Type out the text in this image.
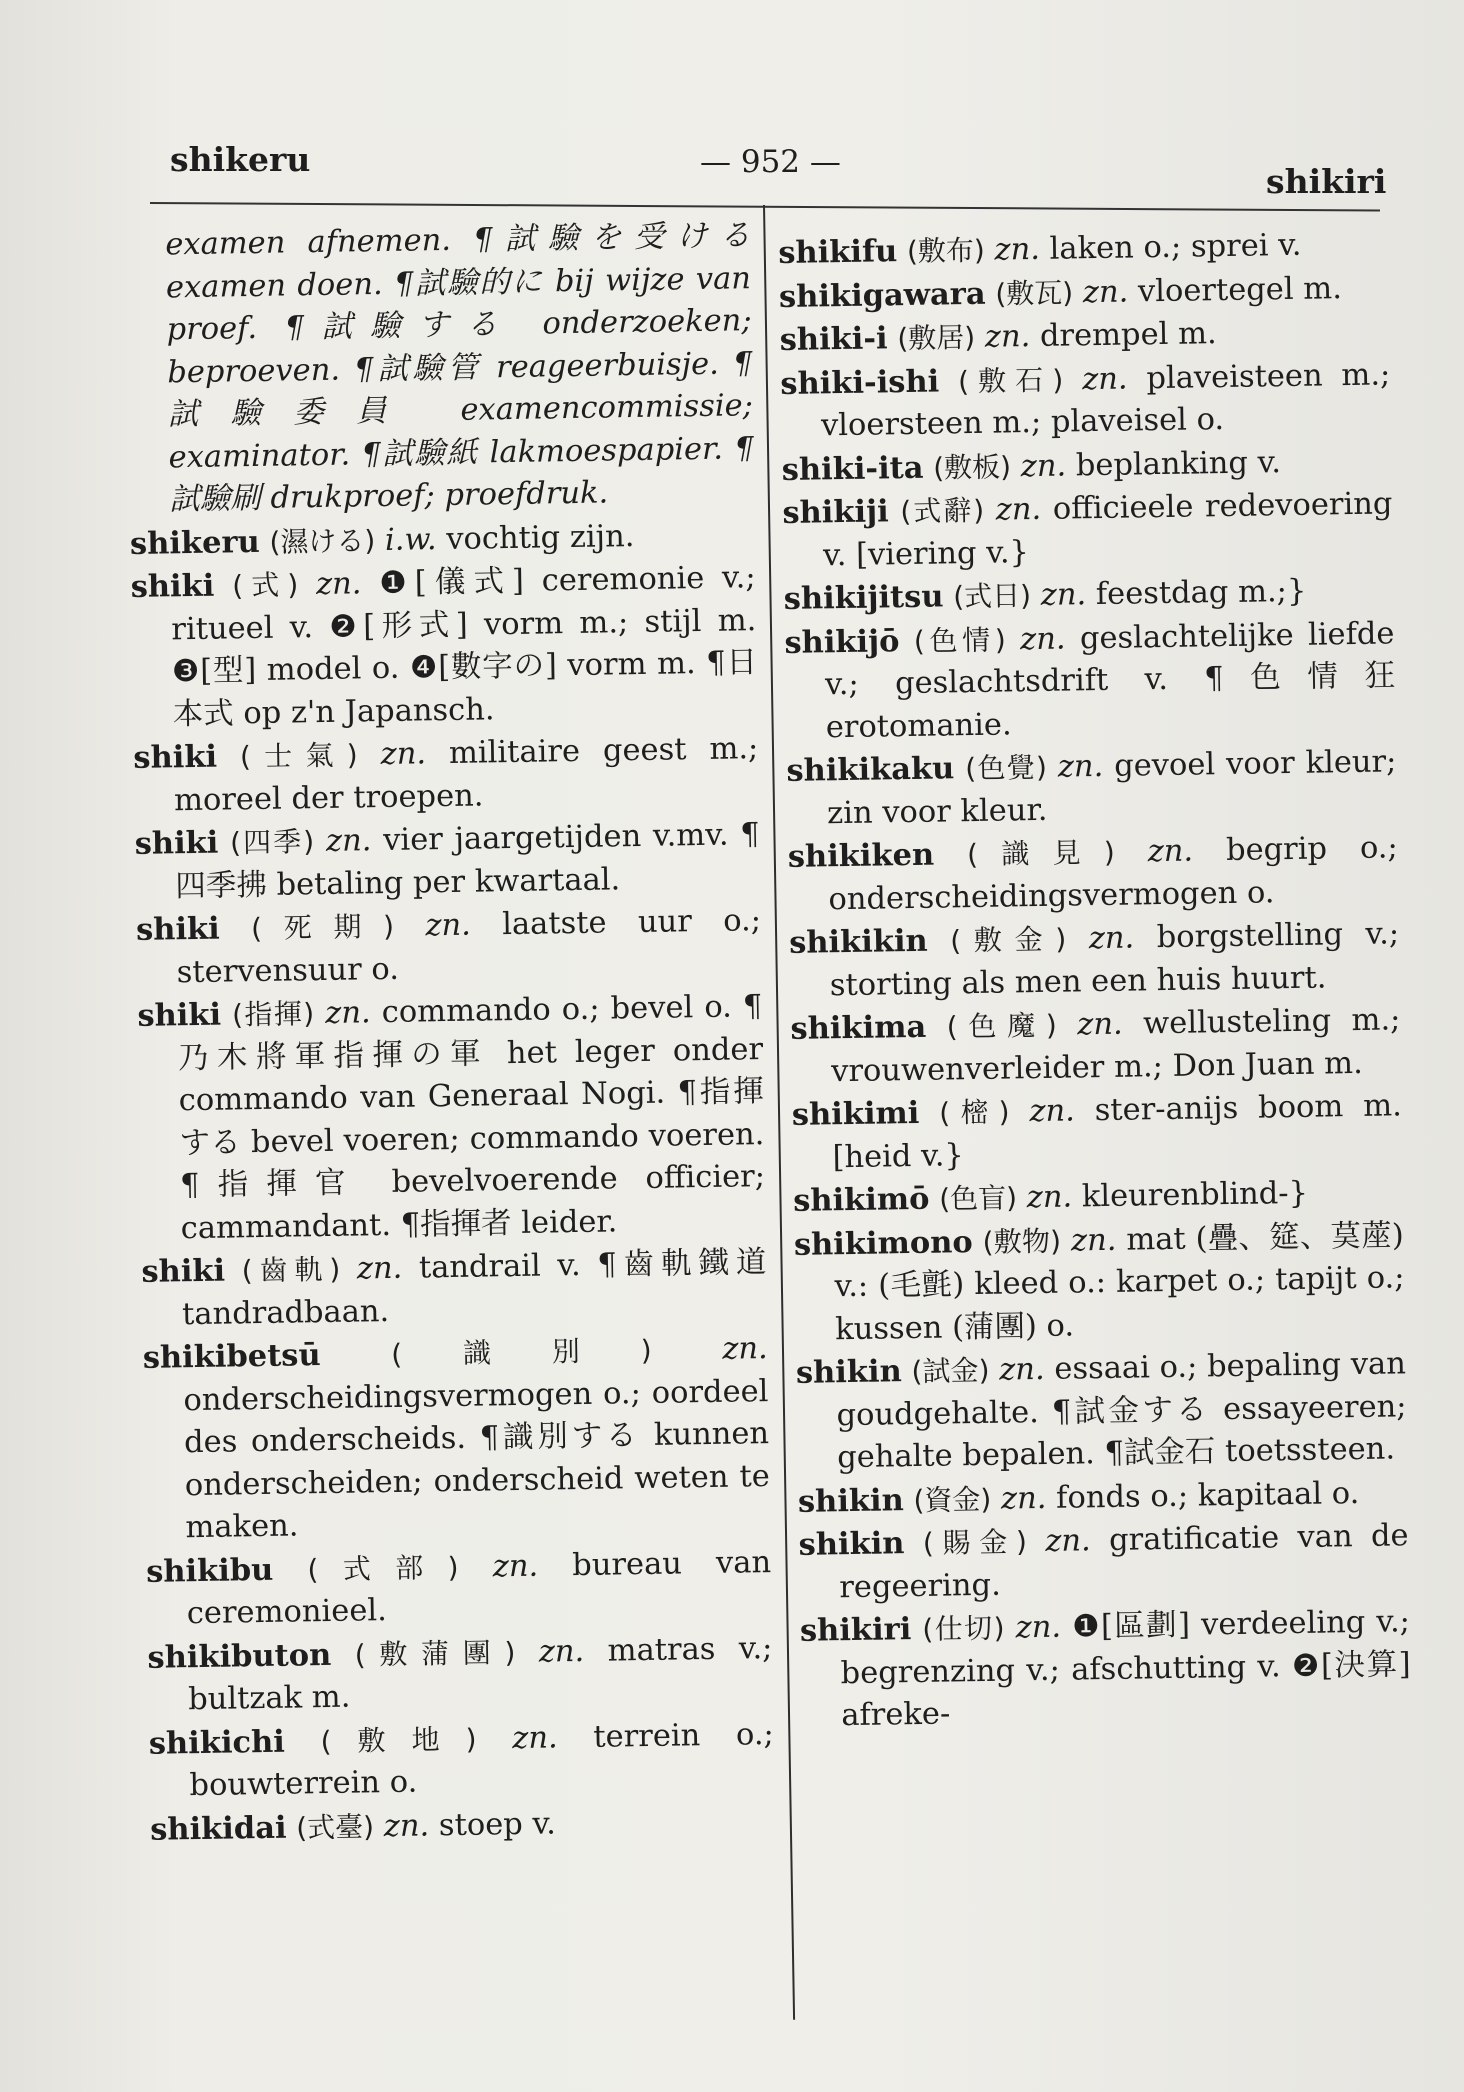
shikeru	— 952 —	shikiri
examen afnemen. ¶試驗を受ける examen doen. ¶試驗的に bij wijze van proef. ¶試驗する onderzoeken; beproeven. ¶試驗管 reageerbuisje. ¶試驗委員 examencommissie; examinator. ¶試驗紙 lakmoespapier. ¶試驗刷 drukproef; proefdruk.
shikeru (濕ける) i.w. vochtig zijn.
shiki (式) zn. ❶[儀式] ceremonie v.; ritueel v. ❷[形式] vorm m.; stijl m. ❸[型] model o. ❹[數字の] vorm m. ¶日本式 op z'n Japansch.
shiki (士氣) zn. militaire geest m.; moreel der troepen.
shiki (四季) zn. vier jaargetijden v.mv. ¶四季拂 betaling per kwartaal.
shiki (死期) zn. laatste uur o.; stervensuur o.
shiki (指揮) zn. commando o.; bevel o. ¶乃木將軍指揮の軍 het leger onder commando van Generaal Nogi. ¶指揮する bevel voeren; commando voeren. ¶指揮官 bevelvoerende officier; cammandant. ¶指揮者 leider.
shiki (齒軌) zn. tandrail v. ¶齒軌鐵道 tandradbaan.
shikibetsū	(識別) zn. onderscheidingsvermogen o.; oordeel des onderscheids. ¶識別する kunnen onderscheiden; onderscheid weten te maken.
shikibu (式部) zn. bureau van ceremonieel.
shikibuton (敷蒲團) zn. matras v.; bultzak m.
shikichi (敷地) zn. terrein o.; bouwterrein o.
shikidai (式臺) zn. stoep v.
shikifu (敷布) zn. laken o.; sprei v.
shikigawara (敷瓦) zn. vloertegel m.
shiki-i (敷居) zn. drempel m.
shiki-ishi (敷石) zn. plaveisteen m.; vloersteen m.; plaveisel o.
shiki-ita (敷板) zn. beplanking v.
shikiji (式辭) zn. officieele redevoering v. [viering v.}
shikijitsu (式日) zn. feestdag m.;}
shikijō (色情) zn. geslachtelijke liefde v.; geslachtsdrift v. ¶色情狂 erotomanie.
shikikaku (色覺) zn. gevoel voor kleur; zin voor kleur.
shikiken (識見) zn. begrip o.; onderscheidingsvermogen o.
shikikin (敷金) zn. borgstelling v.; storting als men een huis huurt.
shikima (色魔) zn. wellusteling m.; vrouwenverleider m.; Don Juan m.
shikimi (樒) zn. ster-anijs boom m. [heid v.}
shikimō (色盲) zn. kleurenblind-}
shikimono (敷物) zn. mat (疊、筵、茣蓙) v.: (毛氈) kleed o.: karpet o.; tapijt o.; kussen (蒲團) o.
shikin (試金) zn. essaai o.; bepaling van goudgehalte. ¶試金する essayeeren; gehalte bepalen. ¶試金石 toetssteen.
shikin (資金) zn. fonds o.; kapitaal o.
shikin (賜金) zn. gratificatie van de regeering.
shikiri (仕切) zn. ❶[區劃] verdeeling v.; begrenzing v.; afschutting v. ❷[決算] afreke-
